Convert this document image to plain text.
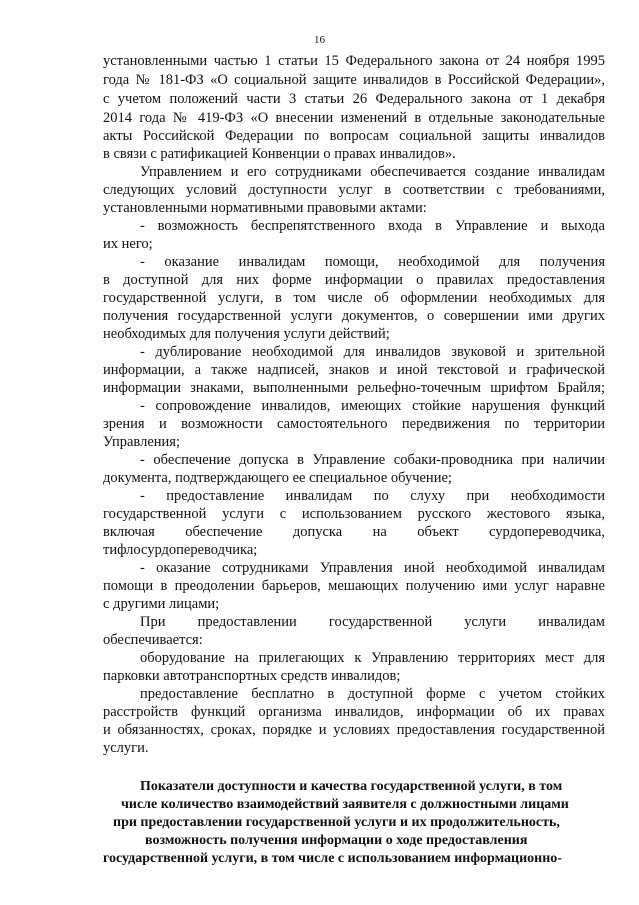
16
установленными частью 1 статьи 15 Федерального закона от 24 ноября 1995
года № 181-ФЗ «О социальной защите инвалидов в Российской Федерации»,
с учетом положений части 3 статьи 26 Федерального закона от 1 декабря
2014 года № 419-ФЗ «О внесении изменений в отдельные законодательные
акты Российской Федерации по вопросам социальной защиты инвалидов
в связи с ратификацией Конвенции о правах инвалидов».
Управлением и его сотрудниками обеспечивается создание инвалидам
следующих условий доступности услуг в соответствии с требованиями,
установленными нормативными правовыми актами:
- возможность беспрепятственного входа в Управление и выхода
их него;
- оказание инвалидам помощи, необходимой для получения
в доступной для них форме информации о правилах предоставления
государственной услуги, в том числе об оформлении необходимых для
получения государственной услуги документов, о совершении ими других
необходимых для получения услуги действий;
- дублирование необходимой для инвалидов звуковой и зрительной
информации, а также надписей, знаков и иной текстовой и графической
информации знаками, выполненными рельефно-точечным шрифтом Брайля;
- сопровождение инвалидов, имеющих стойкие нарушения функций
зрения и возможности самостоятельного передвижения по территории
Управления;
- обеспечение допуска в Управление собаки-проводника при наличии
документа, подтверждающего ее специальное обучение;
- предоставление инвалидам по слуху при необходимости
государственной услуги с использованием русского жестового языка,
включая обеспечение допуска на объект сурдопереводчика,
тифлосурдопереводчика;
- оказание сотрудниками Управления иной необходимой инвалидам
помощи в преодолении барьеров, мешающих получению ими услуг наравне
с другими лицами;
При предоставлении государственной услуги инвалидам
обеспечивается:
оборудование на прилегающих к Управлению территориях мест для
парковки автотранспортных средств инвалидов;
предоставление бесплатно в доступной форме с учетом стойких
расстройств функций организма инвалидов, информации об их правах
и обязанностях, сроках, порядке и условиях предоставления государственной
услуги.
Показатели доступности и качества государственной услуги, в том
числе количество взаимодействий заявителя с должностными лицами
при предоставлении государственной услуги и их продолжительность,
возможность получения информации о ходе предоставления
государственной услуги, в том числе с использованием информационно-
